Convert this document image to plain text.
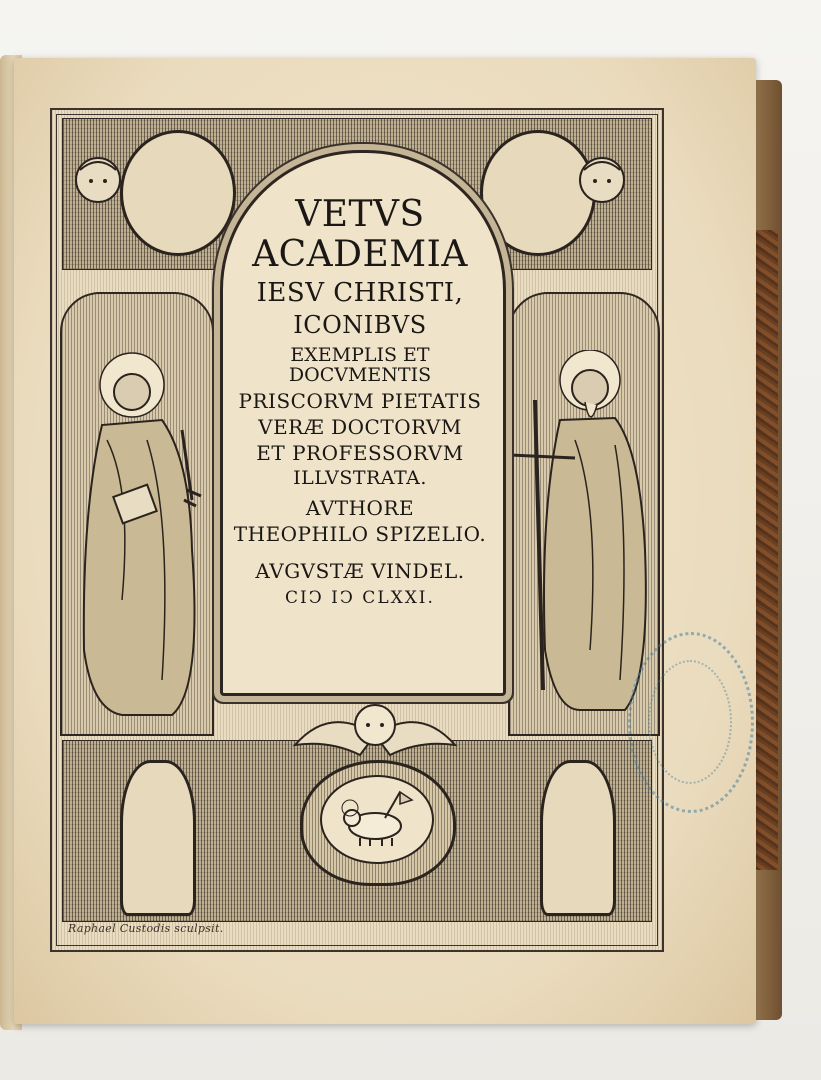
VETVS
ACADEMIA
IESV CHRISTI,
ICONIBVS
EXEMPLIS ET DOCVMENTIS
PRISCORVM PIETATIS
VERÆ DOCTORVM
ET PROFESSORVM
ILLVSTRATA.
AVTHORE
THEOPHILO SPIZELIO.
AVGVSTÆ VINDEL.
CIↃ IↃ CLXXI.
Raphael Custodis sculpsit.
